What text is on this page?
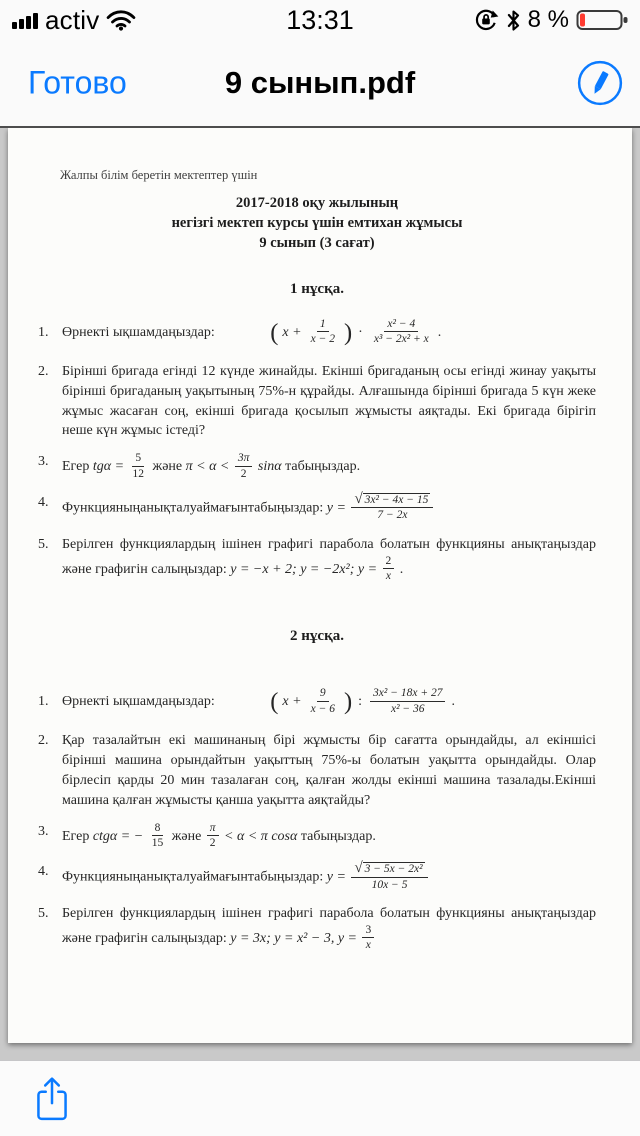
activ	13:31	8 %
Готово	9 сынып.pdf
Жалпы білім беретін мектептер үшін
2017-2018 оқу жылының
негізгі мектеп курсы үшін емтихан жұмысы
9 сынып (3 сағат)
1 нұсқа.
1. Өрнекті ықшамдаңыздар: ( $x + \frac{1}{x - 2}$ ) · $\frac{\text{x² − 4}}{\text{x³ − 2x² + x}}$ .
2. Бірінші бригада егінді 12 күнде жинайды. Екінші бригаданың осы егінді жинау уақыты бірінші бригаданың уақытының 75%-н құрайды. Алғашында бірінші бригада 5 күн жеке жұмыс жасаған соң, екінші бригада қосылып жұмысты аяқтады. Екі бригада бірігіп неше күн жұмыс істеді?
3. Егер $tg\alpha = \frac{5}{12}$ және $\pi < \alpha < \frac{3\pi}{2}$ sinα табыңыздар.
4. Функцияныңанықталуаймағынтабыңыздар: $y = \frac{\text{√ 3x² − 4x − 15}}{7 - 2x}$
5. Берілген функциялардың ішінен графигі парабола болатын функцияны анықтаңыздар және графигін салыңыздар: y = −x + 2; y = −2x²; $y = \frac{2}{x}$ .
2 нұсқа.
1. Өрнекті ықшамдаңыздар: ( $x + \frac{9}{x - 6}$ ) : $\frac{\text{3x² − 18x + 27}}{\text{x² − 36}}$ .
2. Қар тазалайтын екі машинаның бірі жұмысты бір сағатта орындайды, ал екіншісі бірінші машина орындайтын уақыттың 75%-ы болатын уақытта орындайды. Олар бірлесіп қарды 20 мин тазалаған соң, қалған жолды екінші машина тазалады.Екінші машина қалған жұмысты қанша уақытта аяқтайды?
3. Егер ctgα = − $\frac{8}{15}$ және $\frac{\pi}{2} < \alpha < \pi$ cosα табыңыздар.
4. Функцияныңанықталуаймағынтабыңыздар: $y = \frac{\text{√ 3 − 5x − 2x²}}{10x - 5}$
5. Берілген функциялардың ішінен графигі парабола болатын функцияны анықтаңыздар және графигін салыңыздар: y = 3x; y = x² − 3, $y = \frac{3}{x}$
